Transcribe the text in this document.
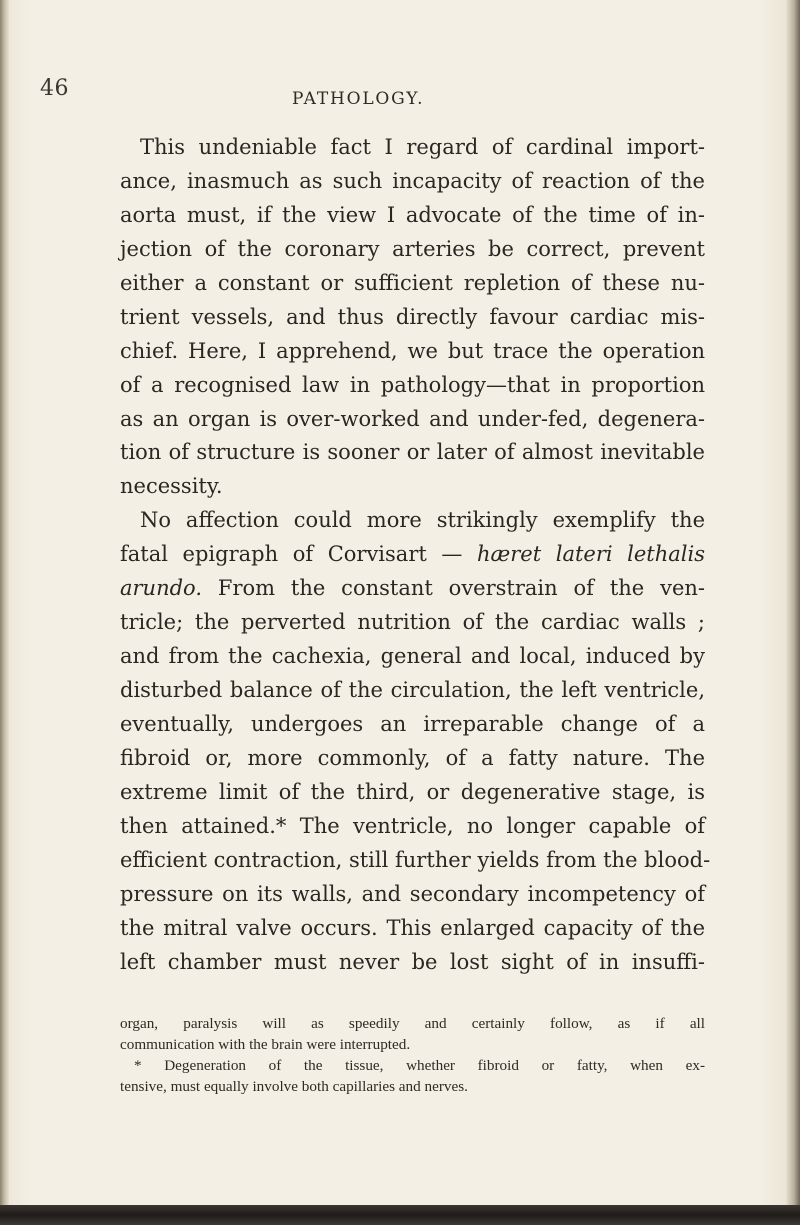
46	PATHOLOGY.
This undeniable fact I regard of cardinal import-
ance, inasmuch as such incapacity of reaction of the
aorta must, if the view I advocate of the time of in-
jection of the coronary arteries be correct, prevent
either a constant or sufficient repletion of these nu-
trient vessels, and thus directly favour cardiac mis-
chief. Here, I apprehend, we but trace the operation
of a recognised law in pathology—that in proportion
as an organ is over-worked and under-fed, degenera-
tion of structure is sooner or later of almost inevitable
necessity.
No affection could more strikingly exemplify the
fatal epigraph of Corvisart — hæret lateri lethalis
arundo. From the constant overstrain of the ven-
tricle; the perverted nutrition of the cardiac walls ;
and from the cachexia, general and local, induced by
disturbed balance of the circulation, the left ventricle,
eventually, undergoes an irreparable change of a
fibroid or, more commonly, of a fatty nature. The
extreme limit of the third, or degenerative stage, is
then attained.* The ventricle, no longer capable of
efficient contraction, still further yields from the blood-
pressure on its walls, and secondary incompetency of
the mitral valve occurs. This enlarged capacity of the
left chamber must never be lost sight of in insuffi-
organ, paralysis will as speedily and certainly follow, as if all
communication with the brain were interrupted.
* Degeneration of the tissue, whether fibroid or fatty, when ex-
tensive, must equally involve both capillaries and nerves.
